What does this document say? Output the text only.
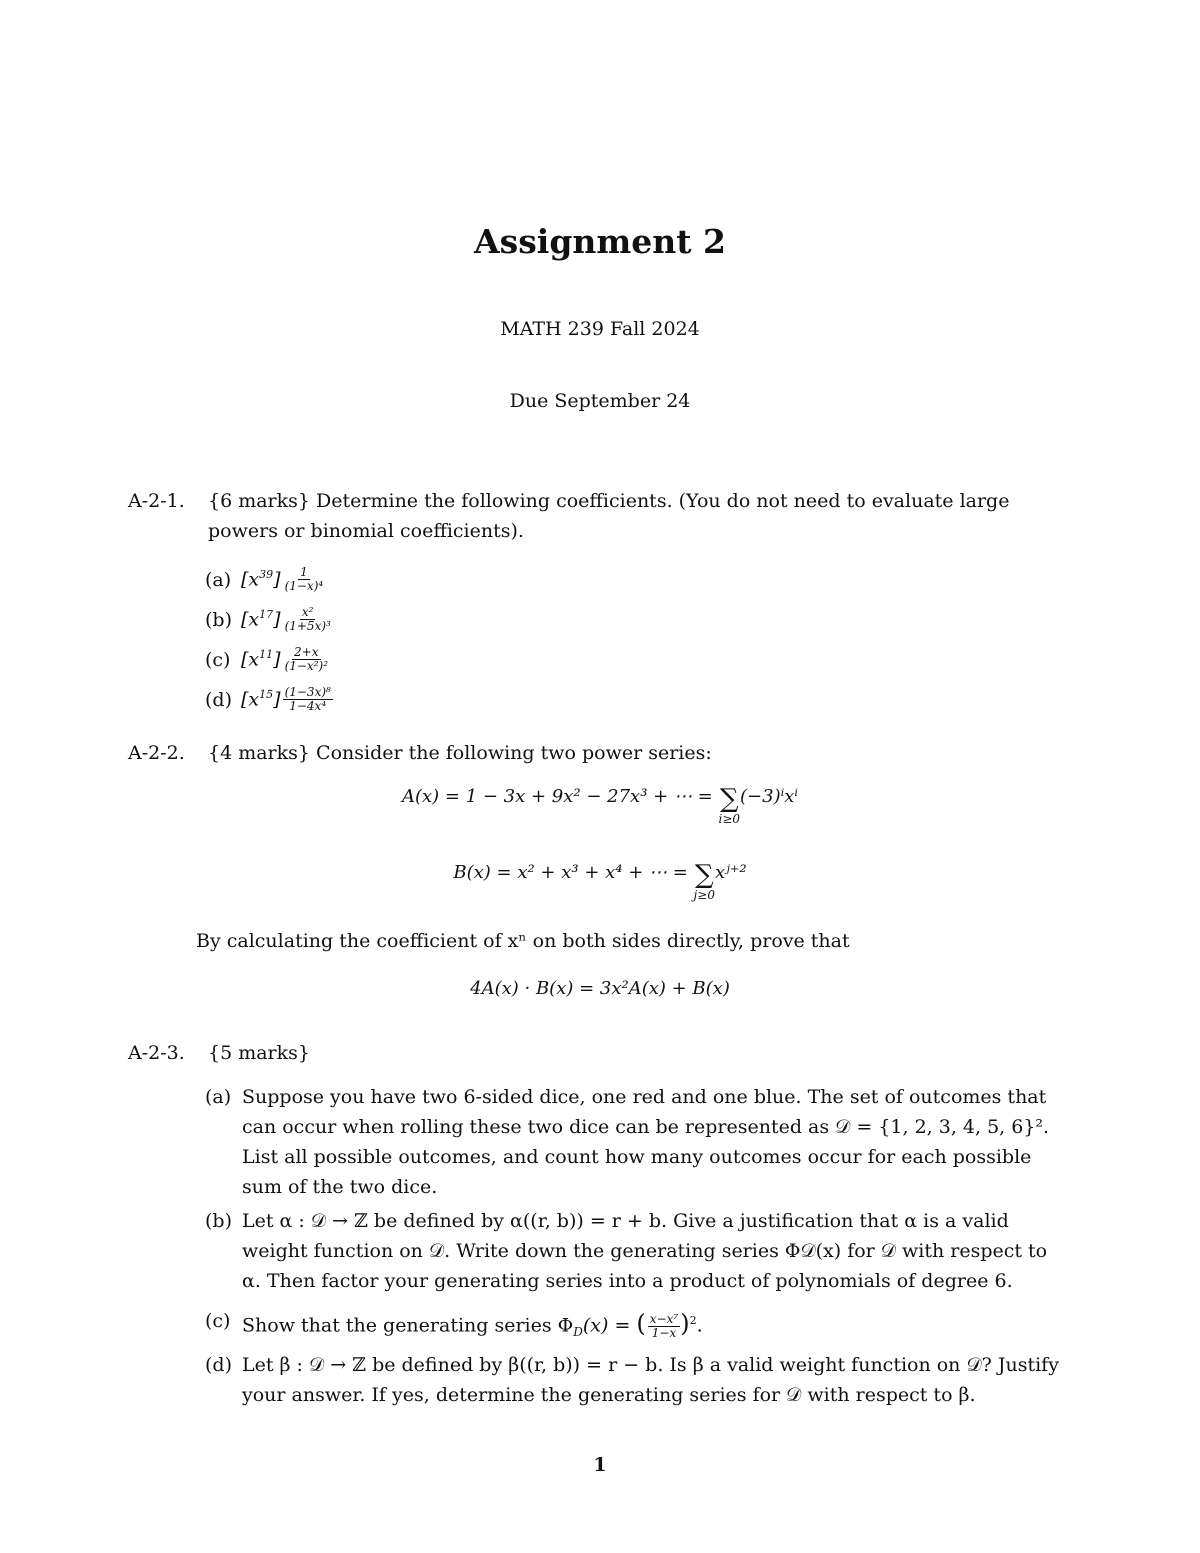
Assignment 2
MATH 239 Fall 2024
Due September 24
A-2-1. {6 marks} Determine the following coefficients. (You do not need to evaluate large powers or binomial coefficients).
(a) $[x^{39}] \frac{1}{\text{(1−x)⁴}}$
(b) $[x^{17}] \frac{\text{x²}}{\text{(1+5x)³}}$
(c) $[x^{11}] \frac{2+x}{\text{(1−x²)²}}$
(d) $[x^{15}] \frac{\text{(1−3x)⁸}}{\text{1−4x⁴}}$
A-2-2. {4 marks} Consider the following two power series:
A(x) = 1 − 3x + 9x² − 27x³ + ⋯ = ∑
i≥0
(−3)ⁱxⁱ
B(x) = x² + x³ + x⁴ + ⋯ = ∑
j≥0
xʲ⁺²
By calculating the coefficient of xⁿ on both sides directly, prove that
4A(x) · B(x) = 3x²A(x) + B(x)
A-2-3. {5 marks}
(a) Suppose you have two 6-sided dice, one red and one blue. The set of outcomes that can occur when rolling these two dice can be represented as 𝒟 = {1, 2, 3, 4, 5, 6}². List all possible outcomes, and count how many outcomes occur for each possible sum of the two dice.
(b) Let α : 𝒟 → ℤ be defined by α((r, b)) = r + b. Give a justification that α is a valid weight function on 𝒟. Write down the generating series Φ𝒟(x) for 𝒟 with respect to α. Then factor your generating series into a product of polynomials of degree 6.
(c) Show that the generating series $\Phi_D(x)$ = ( $\frac{\text{x−x⁷}}{1-x} )^2$.
(d) Let β : 𝒟 → ℤ be defined by β((r, b)) = r − b. Is β a valid weight function on 𝒟? Justify your answer. If yes, determine the generating series for 𝒟 with respect to β.
1
